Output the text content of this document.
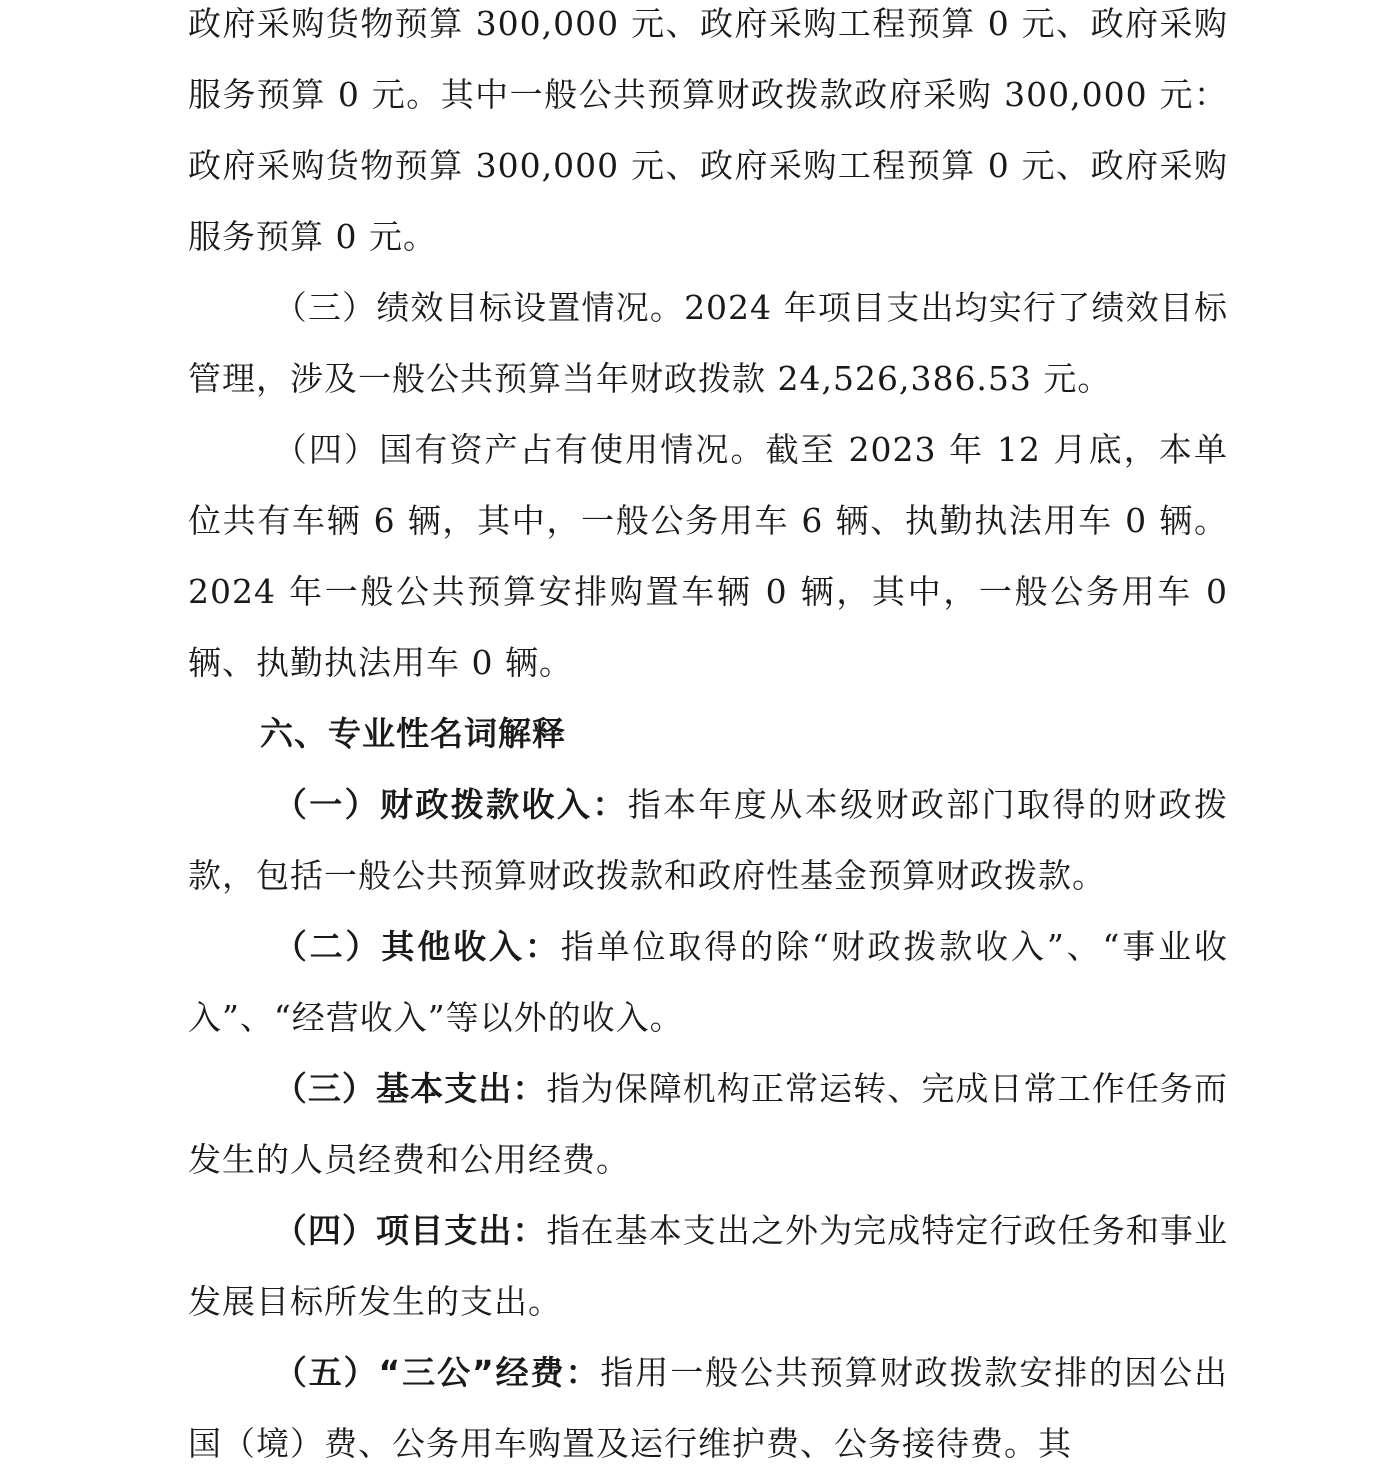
政府采购货物预算 300,000 元、政府采购工程预算 0 元、政府采购服务预算 0 元。其中一般公共预算财政拨款政府采购 300,000 元：政府采购货物预算 300,000 元、政府采购工程预算 0 元、政府采购服务预算 0 元。

（三）绩效目标设置情况。2024 年项目支出均实行了绩效目标管理，涉及一般公共预算当年财政拨款 24,526,386.53 元。

（四）国有资产占有使用情况。截至 2023 年 12 月底，本单位共有车辆 6 辆，其中，一般公务用车 6 辆、执勤执法用车 0 辆。2024 年一般公共预算安排购置车辆 0 辆，其中，一般公务用车 0 辆、执勤执法用车 0 辆。

六、专业性名词解释

（一）财政拨款收入：指本年度从本级财政部门取得的财政拨款，包括一般公共预算财政拨款和政府性基金预算财政拨款。

（二）其他收入：指单位取得的除“财政拨款收入”、“事业收入”、“经营收入”等以外的收入。

（三）基本支出：指为保障机构正常运转、完成日常工作任务而发生的人员经费和公用经费。

（四）项目支出：指在基本支出之外为完成特定行政任务和事业发展目标所发生的支出。

（五）“三公”经费：指用一般公共预算财政拨款安排的因公出国（境）费、公务用车购置及运行维护费、公务接待费。其
